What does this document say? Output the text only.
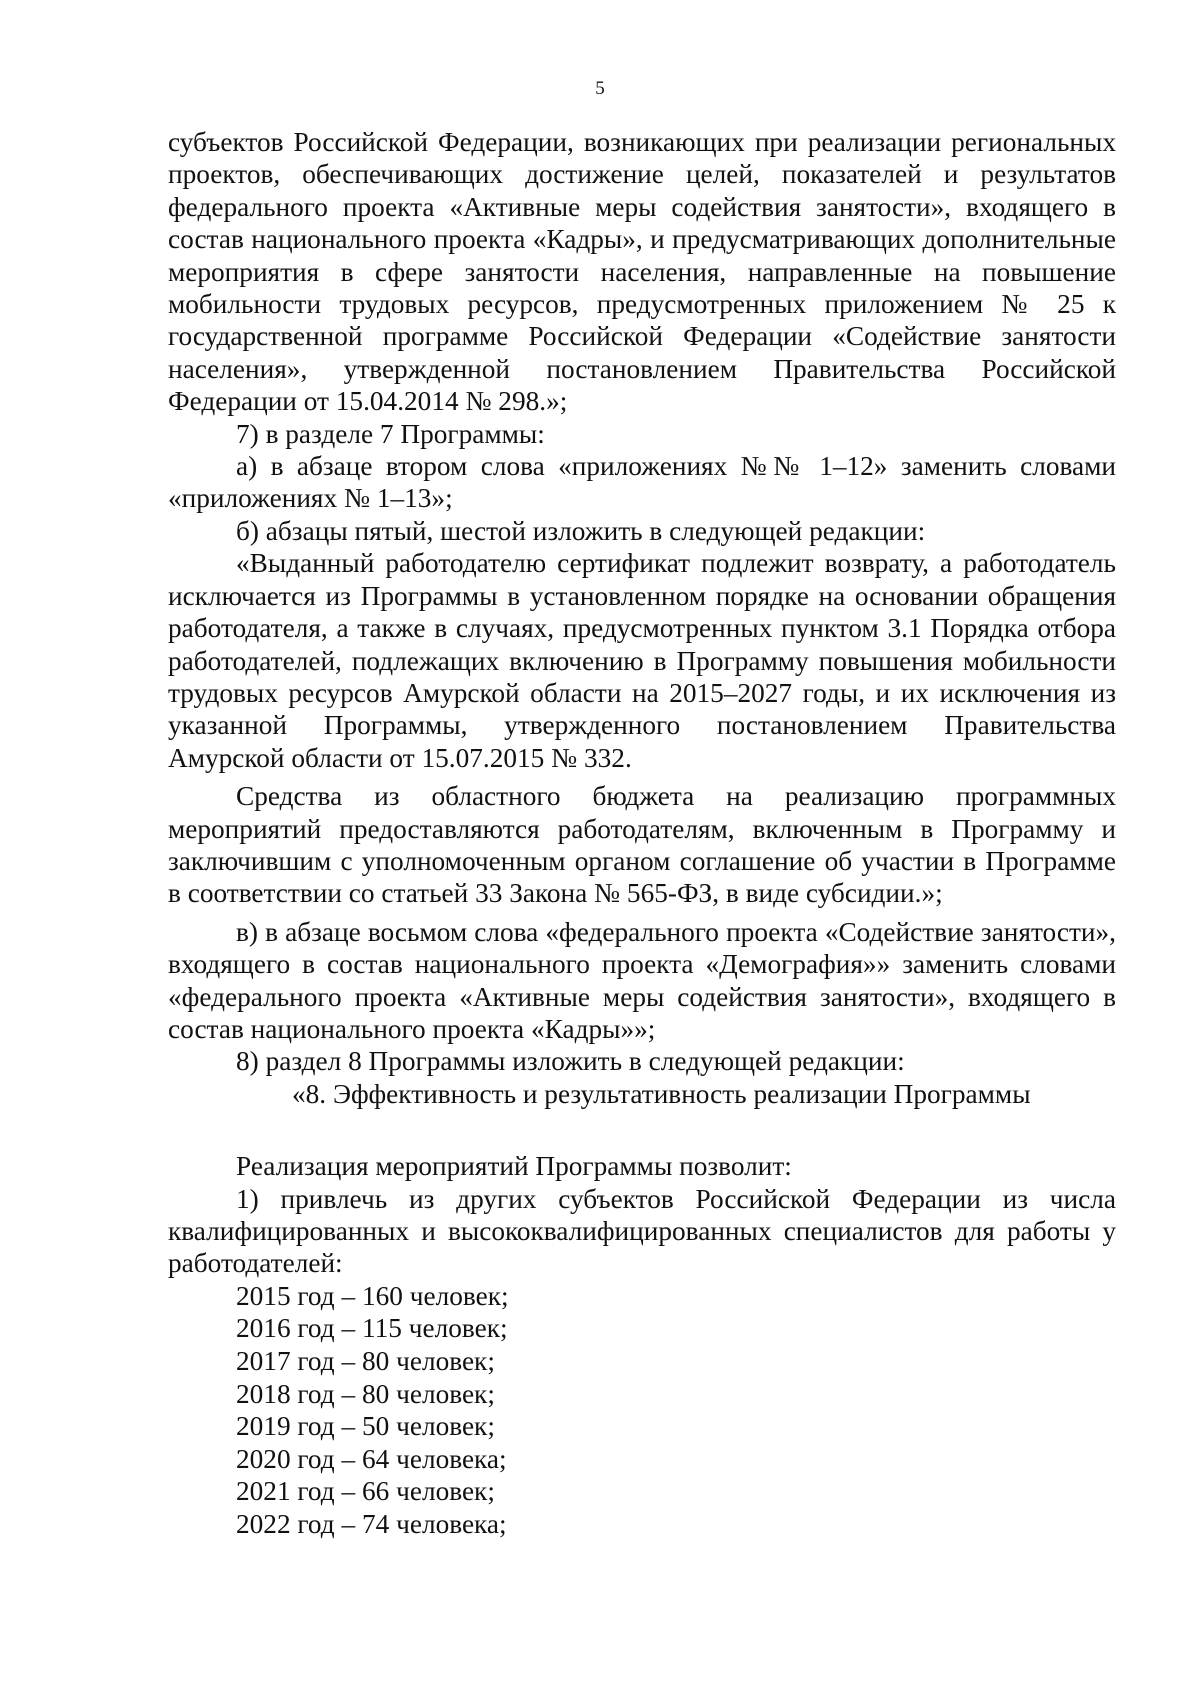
5

субъектов Российской Федерации, возникающих при реализации региональных проектов, обеспечивающих достижение целей, показателей и результатов федерального проекта «Активные меры содействия занятости», входящего в состав национального проекта «Кадры», и предусматривающих дополнительные мероприятия в сфере занятости населения, направленные на повышение мобильности трудовых ресурсов, предусмотренных приложением № 25 к государственной программе Российской Федерации «Содействие занятости населения», утвержденной постановлением Правительства Российской Федерации от 15.04.2014 № 298.»;

7) в разделе 7 Программы:

а) в абзаце втором слова «приложениях №№ 1–12» заменить словами «приложениях № 1–13»;

б) абзацы пятый, шестой изложить в следующей редакции:

«Выданный работодателю сертификат подлежит возврату, а работодатель исключается из Программы в установленном порядке на основании обращения работодателя, а также в случаях, предусмотренных пунктом 3.1 Порядка отбора работодателей, подлежащих включению в Программу повышения мобильности трудовых ресурсов Амурской области на 2015–2027 годы, и их исключения из указанной Программы, утвержденного постановлением Правительства Амурской области от 15.07.2015 № 332.

Средства из областного бюджета на реализацию программных мероприятий предоставляются работодателям, включенным в Программу и заключившим с уполномоченным органом соглашение об участии в Программе в соответствии со статьей 33 Закона № 565-ФЗ, в виде субсидии.»;

в) в абзаце восьмом слова «федерального проекта «Содействие занятости», входящего в состав национального проекта «Демография»» заменить словами «федерального проекта «Активные меры содействия занятости», входящего в состав национального проекта «Кадры»»;

8) раздел 8 Программы изложить в следующей редакции:

«8. Эффективность и результативность реализации Программы

Реализация мероприятий Программы позволит:

1) привлечь из других субъектов Российской Федерации из числа квалифицированных и высококвалифицированных специалистов для работы у работодателей:

2015 год – 160 человек;
2016 год – 115 человек;
2017 год – 80 человек;
2018 год – 80 человек;
2019 год – 50 человек;
2020 год – 64 человека;
2021 год – 66 человек;
2022 год – 74 человека;
